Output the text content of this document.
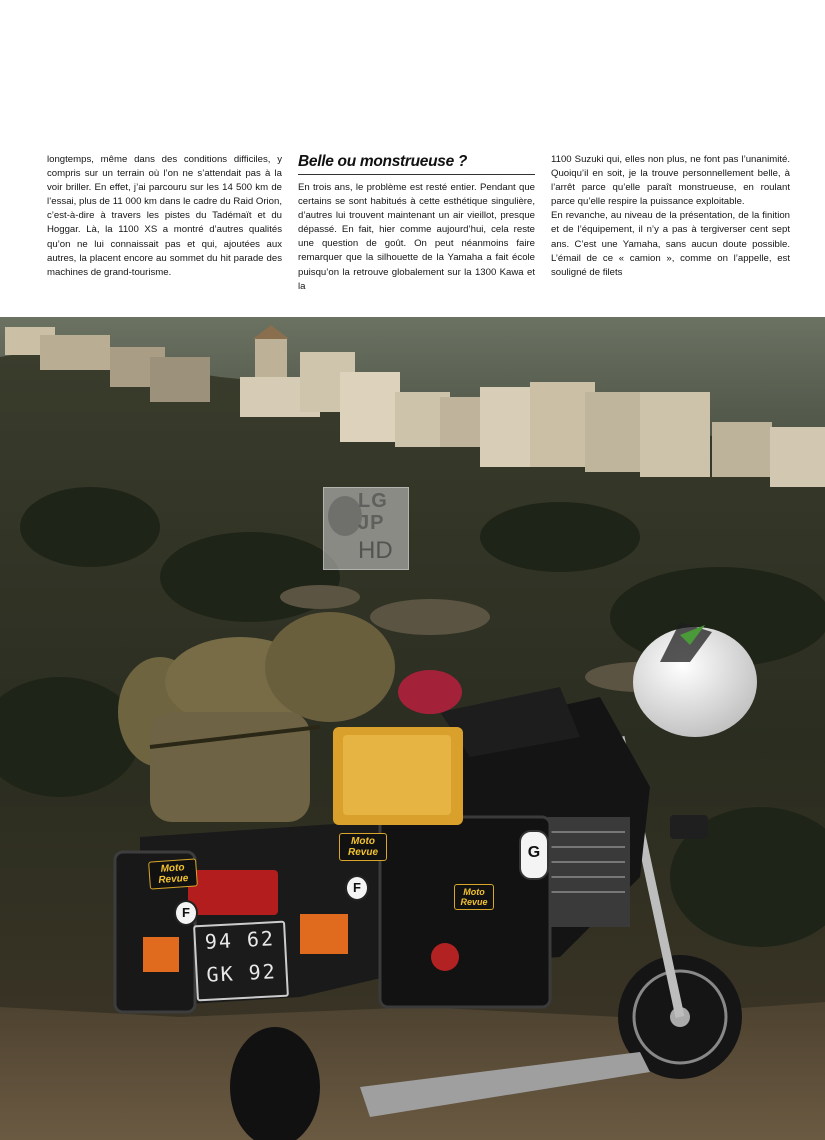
longtemps, même dans des conditions difficiles, y compris sur un terrain où l’on ne s’attendait pas à la voir briller. En effet, j’ai parcouru sur les 14 500 km de l’essai, plus de 11 000 km dans le cadre du Raid Orion, c’est-à-dire à travers les pistes du Tadémaït et du Hoggar. Là, la 1100 XS a montré d’autres qualités qu’on ne lui connaissait pas et qui, ajoutées aux autres, la placent encore au sommet du hit parade des machines de grand-tourisme.

Belle ou monstrueuse ?

En trois ans, le problème est resté entier. Pendant que certains se sont habitués à cette esthétique singulière, d’autres lui trouvent maintenant un air vieillot, presque dépassé. En fait, hier comme aujourd’hui, cela reste une question de goût. On peut néanmoins faire remarquer que la silhouette de la Yamaha a fait école puisqu’on la retrouve globalement sur la 1300 Kawa et la

1100 Suzuki qui, elles non plus, ne font pas l’unanimité. Quoiqu’il en soit, je la trouve personnellement belle, à l’arrêt parce qu’elle paraît monstrueuse, en roulant parce qu’elle respire la puissance exploitable.

En revanche, au niveau de la présentation, de la finition et de l’équipement, il n’y a pas à tergiverser cent sept ans. C’est une Yamaha, sans aucun doute possible. L’émail de ce « camion », comme on l’appelle, est souligné de filets

LG
JP
HD
94 62
GK 92
Moto Revue
Moto Revue
Moto Revue
F
F
G
